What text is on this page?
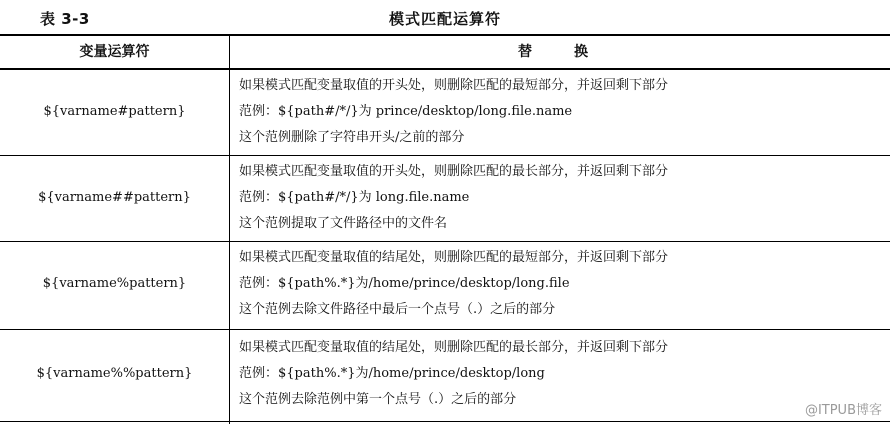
表 3-3	模式匹配运算符
变量运算符	替　换
${varname#pattern}
如果模式匹配变量取值的开头处，则删除匹配的最短部分，并返回剩下部分
范例：${path#/*/}为 prince/desktop/long.file.name
这个范例删除了字符串开头/之前的部分
${varname##pattern}
如果模式匹配变量取值的开头处，则删除匹配的最长部分，并返回剩下部分
范例：${path#/*/}为 long.file.name
这个范例提取了文件路径中的文件名
${varname%pattern}
如果模式匹配变量取值的结尾处，则删除匹配的最短部分，并返回剩下部分
范例：${path%.*}为/home/prince/desktop/long.file
这个范例去除文件路径中最后一个点号（.）之后的部分
${varname%%pattern}
如果模式匹配变量取值的结尾处，则删除匹配的最长部分，并返回剩下部分
范例：${path%.*}为/home/prince/desktop/long
这个范例去除范例中第一个点号（.）之后的部分
@ITPUB博客
